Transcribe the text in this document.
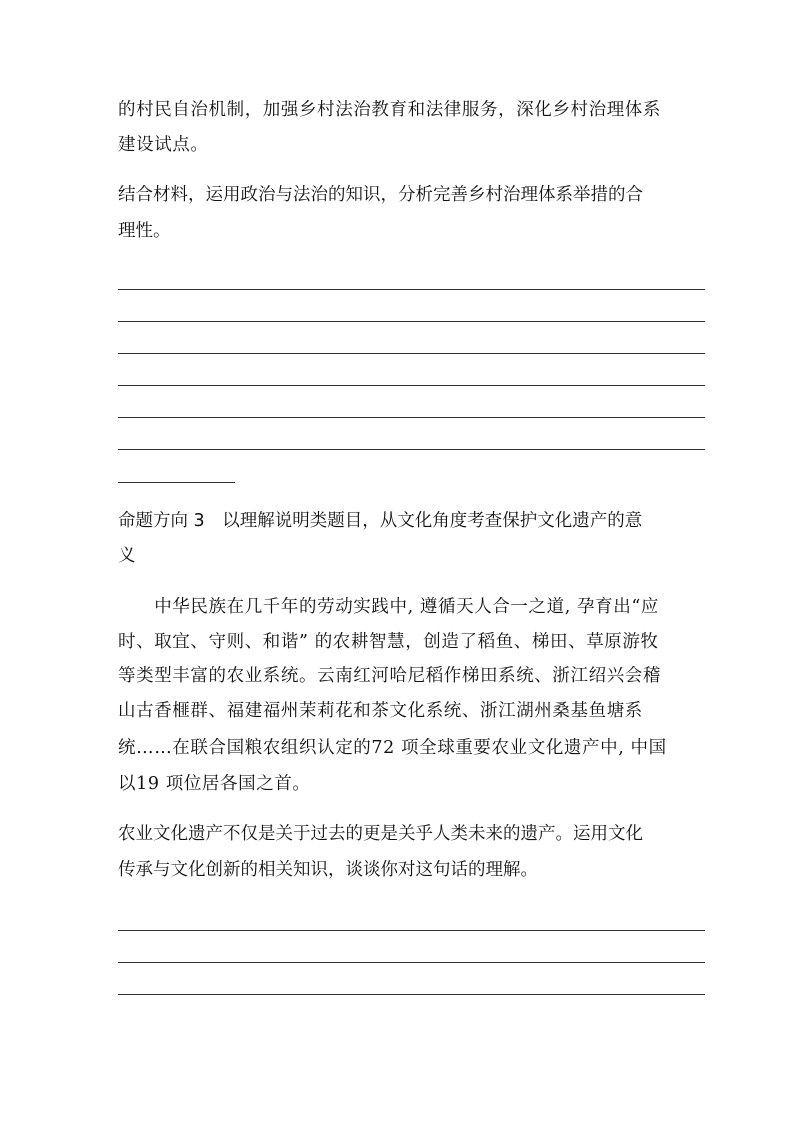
的村民自治机制，加强乡村法治教育和法律服务，深化乡村治理体系
建设试点。
结合材料，运用政治与法治的知识，分析完善乡村治理体系举措的合
理性。
命题方向 3　以理解说明类题目，从文化角度考查保护文化遗产的意
义
　　中华民族在几千年的劳动实践中, 遵循天人合一之道, 孕育出“应
时、取宜、守则、和谐” 的农耕智慧，创造了稻鱼、梯田、草原游牧
等类型丰富的农业系统。云南红河哈尼稻作梯田系统、浙江绍兴会稽
山古香榧群、福建福州茉莉花和茶文化系统、浙江湖州桑基鱼塘系
统……在联合国粮农组织认定的72 项全球重要农业文化遗产中, 中国
以19 项位居各国之首。
农业文化遗产不仅是关于过去的更是关乎人类未来的遗产。运用文化
传承与文化创新的相关知识，谈谈你对这句话的理解。
